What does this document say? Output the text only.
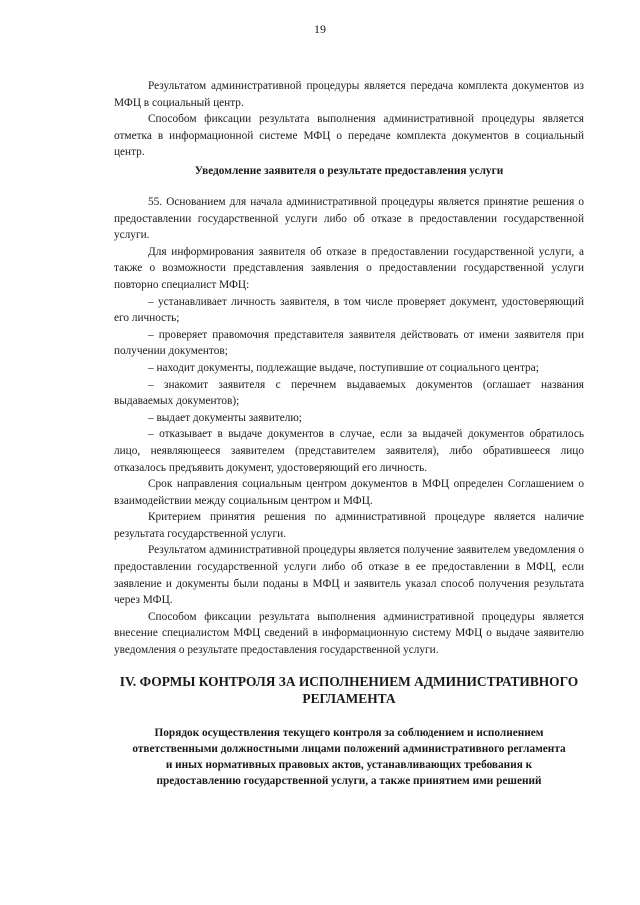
19

Результатом административной процедуры является передача комплекта документов из МФЦ в социальный центр.

Способом фиксации результата выполнения административной процедуры является отметка в информационной системе МФЦ о передаче комплекта документов в социальный центр.

Уведомление заявителя о результате предоставления услуги

55. Основанием для начала административной процедуры является принятие решения о предоставлении государственной услуги либо об отказе в предоставлении государственной услуги.

Для информирования заявителя об отказе в предоставлении государственной услуги, а также о возможности представления заявления о предоставлении государственной услуги повторно специалист МФЦ:

– устанавливает личность заявителя, в том числе проверяет документ, удостоверяющий его личность;

– проверяет правомочия представителя заявителя действовать от имени заявителя при получении документов;

– находит документы, подлежащие выдаче, поступившие от социального центра;

– знакомит заявителя с перечнем выдаваемых документов (оглашает названия выдаваемых документов);

– выдает документы заявителю;

– отказывает в выдаче документов в случае, если за выдачей документов обратилось лицо, неявляющееся заявителем (представителем заявителя), либо обратившееся лицо отказалось предъявить документ, удостоверяющий его личность.

Срок направления социальным центром документов в МФЦ определен Соглашением о взаимодействии между социальным центром и МФЦ.

Критерием принятия решения по административной процедуре является наличие результата государственной услуги.

Результатом административной процедуры является получение заявителем уведомления о предоставлении государственной услуги либо об отказе в ее предоставлении в МФЦ, если заявление и документы были поданы в МФЦ и заявитель указал способ получения результата через МФЦ.

Способом фиксации результата выполнения административной процедуры является внесение специалистом МФЦ сведений в информационную систему МФЦ о выдаче заявителю уведомления о результате предоставления государственной услуги.

IV. ФОРМЫ КОНТРОЛЯ ЗА ИСПОЛНЕНИЕМ АДМИНИСТРАТИВНОГО
РЕГЛАМЕНТА
Порядок осуществления текущего контроля за соблюдением и исполнением
ответственными должностными лицами положений административного регламента
и иных нормативных правовых актов, устанавливающих требования к
предоставлению государственной услуги, а также принятием ими решений
